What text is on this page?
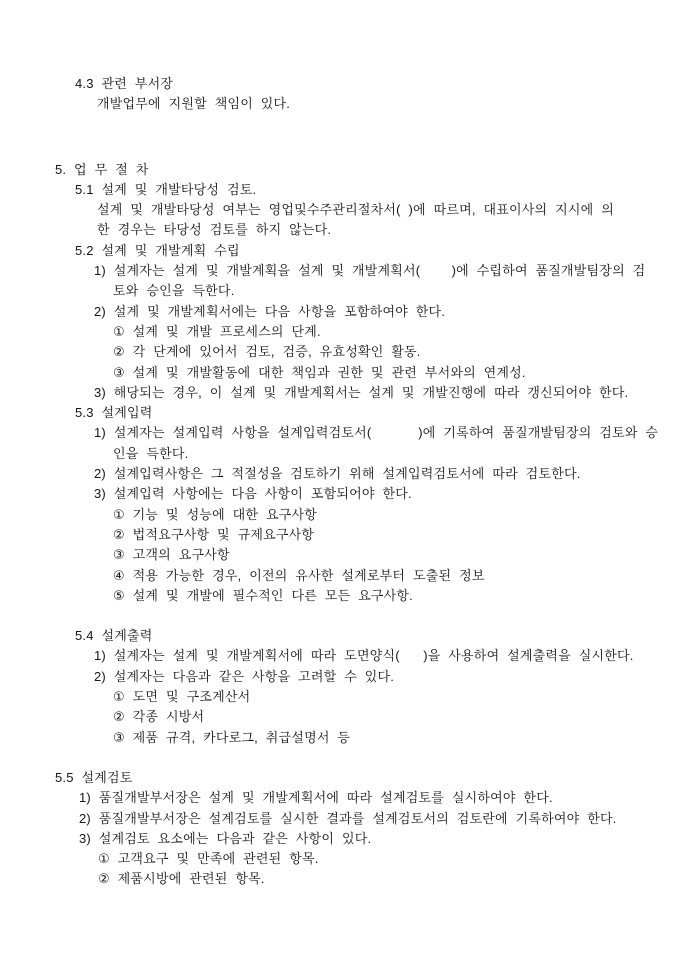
4.3 관련 부서장
개발업무에 지원할 책임이 있다.
5. 업 무 절 차
5.1 설계 및 개발타당성 검토.
설계 및 개발타당성 여부는 영업및수주관리절차서( )에 따르며, 대표이사의 지시에 의
한 경우는 타당성 검토를 하지 않는다.
5.2 설계 및 개발계획 수립
1) 설계자는 설계 및 개발계획을 설계 및 개발계획서(    )에 수립하여 품질개발팀장의 검
토와 승인을 득한다.
2) 설계 및 개발계획서에는 다음 사항을 포함하여야 한다.
① 설계 및 개발 프로세스의 단계.
② 각 단계에 있어서 검토, 검증, 유효성확인 활동.
③ 설계 및 개발활동에 대한 책임과 권한 및 관련 부서와의 연계성.
3) 해당되는 경우, 이 설계 및 개발계획서는 설계 및 개발진행에 따라 갱신되어야 한다.
5.3 설계입력
1) 설계자는 설계입력 사항을 설계입력검토서(      )에 기록하여 품질개발팀장의 검토와 승
인을 득한다.
2) 설계입력사항은 그 적절성을 검토하기 위해 설계입력검토서에 따라 검토한다.
3) 설계입력 사항에는 다음 사항이 포함되어야 한다.
① 기능 및 성능에 대한 요구사항
② 법적요구사항 및 규제요구사항
③ 고객의 요구사항
④ 적용 가능한 경우, 이전의 유사한 설계로부터 도출된 정보
⑤ 설계 및 개발에 필수적인 다른 모든 요구사항.
5.4 설계출력
1) 설계자는 설계 및 개발계획서에 따라 도면양식(   )을 사용하여 설계출력을 실시한다.
2) 설계자는 다음과 같은 사항을 고려할 수 있다.
① 도면 및 구조계산서
② 각종 시방서
③ 제품 규격, 카다로그, 취급설명서 등
5.5 설계검토
1) 품질개발부서장은 설계 및 개발계획서에 따라 설계검토를 실시하여야 한다.
2) 품질개발부서장은 설계검토를 실시한 결과를 설계검토서의 검토란에 기록하여야 한다.
3) 설계검토 요소에는 다음과 같은 사항이 있다.
① 고객요구 및 만족에 관련된 항목.
② 제품시방에 관련된 항목.
